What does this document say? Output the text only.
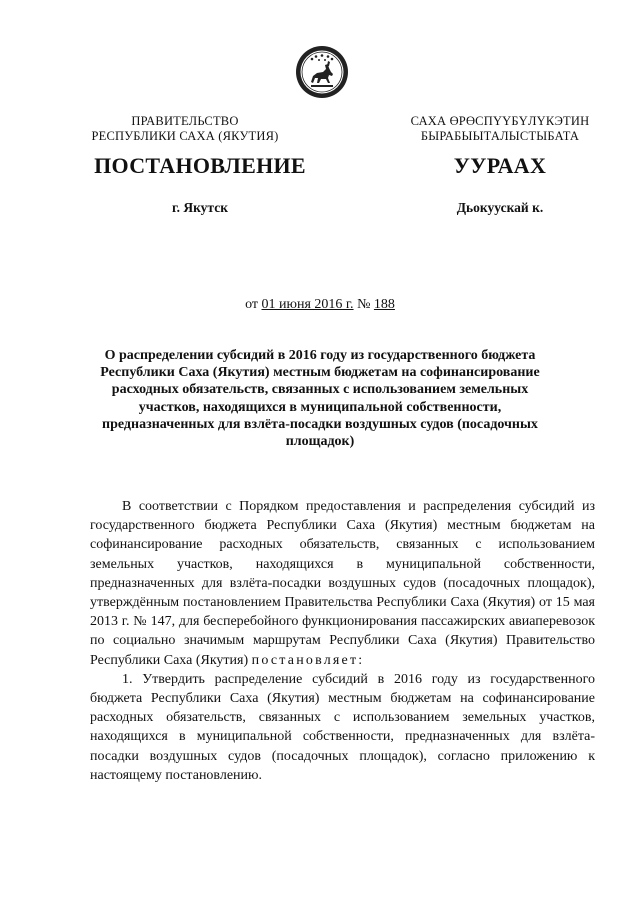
ПРАВИТЕЛЬСТВО
РЕСПУБЛИКИ САХА (ЯКУТИЯ)
САХА ӨРӨСПҮҮБҮЛҮКЭТИН
БЫРАБЫЫТАЛЫСТЫБАТА
ПОСТАНОВЛЕНИЕ	УУРААХ
г. Якутск	Дьокуускай к.
от 01 июня 2016 г. № 188
О распределении субсидий в 2016 году из государственного бюджета
Республики Саха (Якутия) местным бюджетам на софинансирование
расходных обязательств, связанных с использованием земельных
участков, находящихся в муниципальной собственности,
предназначенных для взлёта-посадки воздушных судов (посадочных
площадок)

В соответствии с Порядком предоставления и распределения субсидий из государственного бюджета Республики Саха (Якутия) местным бюджетам на софинансирование расходных обязательств, связанных с использованием земельных участков, находящихся в муниципальной собственности, предназначенных для взлёта-посадки воздушных судов (посадочных площадок), утверждённым постановлением Правительства Республики Саха (Якутия) от 15 мая 2013 г. № 147, для бесперебойного функционирования пассажирских авиаперевозок по социально значимым маршрутам Республики Саха (Якутия) Правительство Республики Саха (Якутия) постановляет:

1. Утвердить распределение субсидий в 2016 году из государственного бюджета Республики Саха (Якутия) местным бюджетам на софинансирование расходных обязательств, связанных с использованием земельных участков, находящихся в муниципальной собственности, предназначенных для взлёта-посадки воздушных судов (посадочных площадок), согласно приложению к настоящему постановлению.
